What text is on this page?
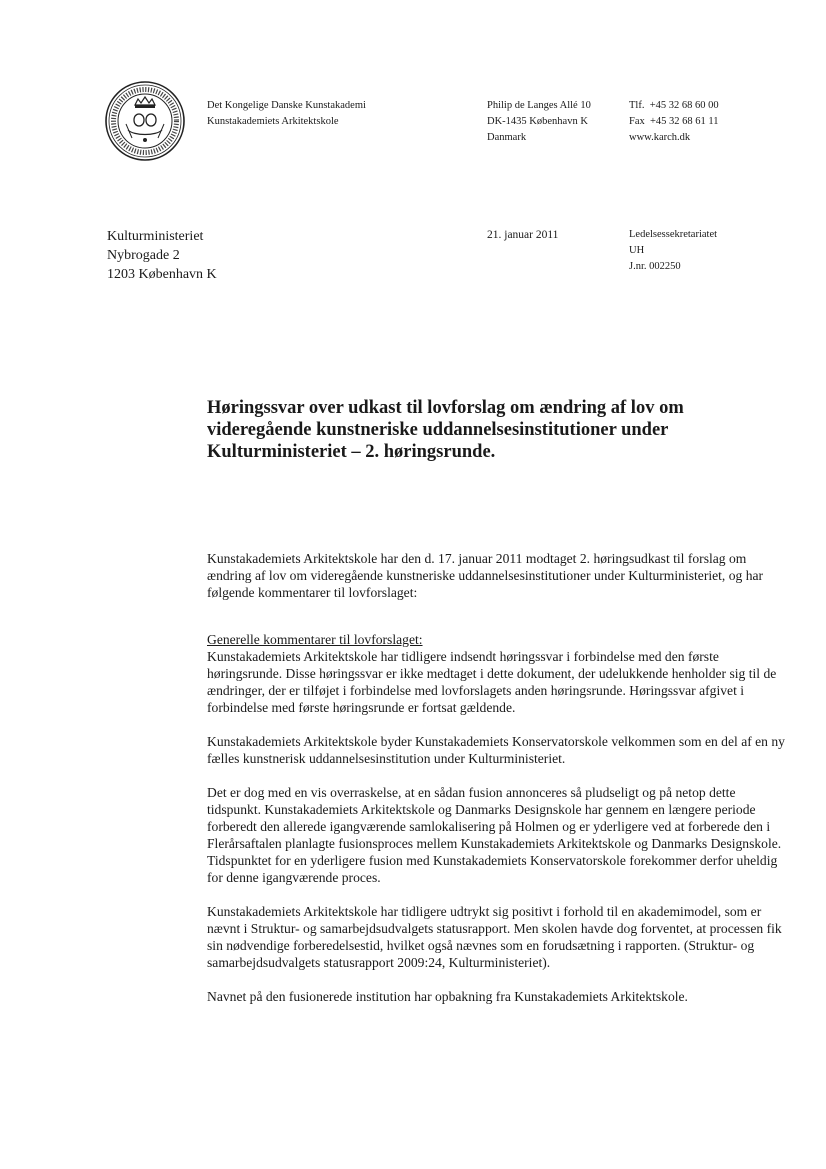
Det Kongelige Danske Kunstakademi
Kunstakademiets Arkitektskole
Philip de Langes Allé 10
DK-1435 København K
Danmark
Tlf.  +45 32 68 60 00
Fax  +45 32 68 61 11
www.karch.dk
Kulturministeriet
Nybrogade 2
1203 København K
21. januar 2011	Ledelsessekretariatet
UH
J.nr. 002250
Høringssvar over udkast til lovforslag om ændring af lov om videregående kunstneriske uddannelsesinstitutioner under Kulturministeriet – 2. høringsrunde.

Kunstakademiets Arkitektskole har den d. 17. januar 2011 modtaget 2. høringsudkast til forslag om ændring af lov om videregående kunstneriske uddannelsesinstitutioner under Kulturministeriet, og har følgende kommentarer til lovforslaget:

Generelle kommentarer til lovforslaget:

Kunstakademiets Arkitektskole har tidligere indsendt høringssvar i forbindelse med den første høringsrunde. Disse høringssvar er ikke medtaget i dette dokument, der udelukkende henholder sig til de ændringer, der er tilføjet i forbindelse med lovforslagets anden høringsrunde. Høringssvar afgivet i forbindelse med første høringsrunde er fortsat gældende.

Kunstakademiets Arkitektskole byder Kunstakademiets Konservatorskole velkommen som en del af en ny fælles kunstnerisk uddannelsesinstitution under Kulturministeriet.

Det er dog med en vis overraskelse, at en sådan fusion annonceres så pludseligt og på netop dette tidspunkt. Kunstakademiets Arkitektskole og Danmarks Designskole har gennem en længere periode forberedt den allerede igangværende samlokalisering på Holmen og er yderligere ved at forberede den i Flerårsaftalen planlagte fusionsproces mellem Kunstakademiets Arkitektskole og Danmarks Designskole.

Tidspunktet for en yderligere fusion med Kunstakademiets Konservatorskole forekommer derfor uheldig for denne igangværende proces.

Kunstakademiets Arkitektskole har tidligere udtrykt sig positivt i forhold til en akademimodel, som er nævnt i Struktur- og samarbejdsudvalgets statusrapport. Men skolen havde dog forventet, at processen fik sin nødvendige forberedelsestid, hvilket også nævnes som en forudsætning i rapporten. (Struktur- og samarbejdsudvalgets statusrapport 2009:24, Kulturministeriet).

Navnet på den fusionerede institution har opbakning fra Kunstakademiets Arkitektskole.
